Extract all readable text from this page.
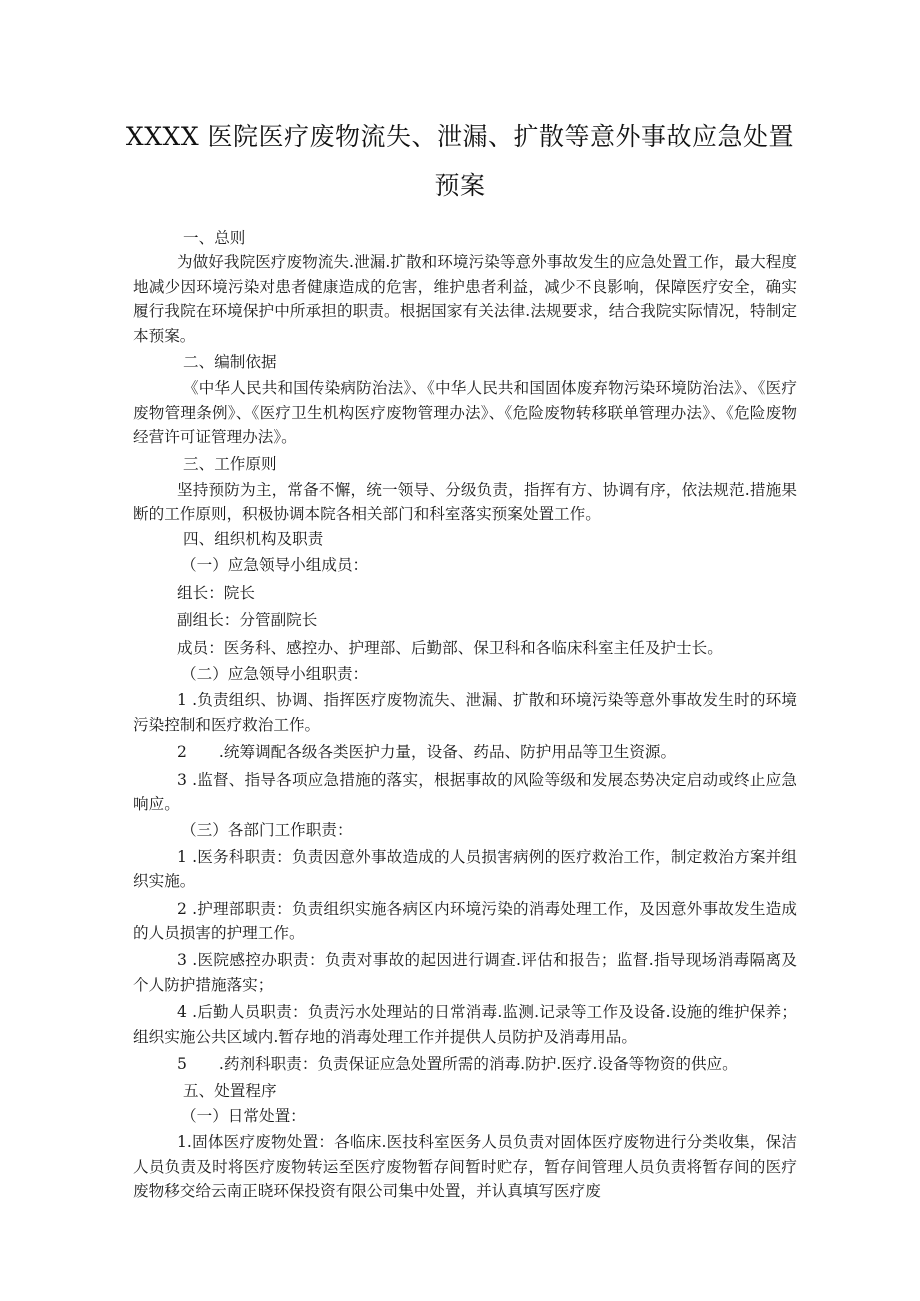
XXXX 医院医疗废物流失、泄漏、扩散等意外事故应急处置
预案

一、总则

为做好我院医疗废物流失.泄漏.扩散和环境污染等意外事故发生的应急处置工作，最大程度地减少因环境污染对患者健康造成的危害，维护患者利益，减少不良影响，保障医疗安全，确实履行我院在环境保护中所承担的职责。根据国家有关法律.法规要求，结合我院实际情况，特制定本预案。

二、编制依据

《中华人民共和国传染病防治法》、《中华人民共和国固体废弃物污染环境防治法》、《医疗废物管理条例》、《医疗卫生机构医疗废物管理办法》、《危险废物转移联单管理办法》、《危险废物经营许可证管理办法》。

三、工作原则

坚持预防为主，常备不懈，统一领导、分级负责，指挥有方、协调有序，依法规范.措施果断的工作原则，积极协调本院各相关部门和科室落实预案处置工作。

四、组织机构及职责

（一）应急领导小组成员：

组长：院长

副组长：分管副院长

成员：医务科、感控办、护理部、后勤部、保卫科和各临床科室主任及护士长。

（二）应急领导小组职责：

1 .负责组织、协调、指挥医疗废物流失、泄漏、扩散和环境污染等意外事故发生时的环境污染控制和医疗救治工作。

2 .统筹调配各级各类医护力量，设备、药品、防护用品等卫生资源。

3 .监督、指导各项应急措施的落实，根据事故的风险等级和发展态势决定启动或终止应急响应。

（三）各部门工作职责：

1 .医务科职责：负责因意外事故造成的人员损害病例的医疗救治工作，制定救治方案并组织实施。

2 .护理部职责：负责组织实施各病区内环境污染的消毒处理工作，及因意外事故发生造成的人员损害的护理工作。

3 .医院感控办职责：负责对事故的起因进行调查.评估和报告；监督.指导现场消毒隔离及个人防护措施落实；

4 .后勤人员职责：负责污水处理站的日常消毒.监测.记录等工作及设备.设施的维护保养；组织实施公共区域内.暂存地的消毒处理工作并提供人员防护及消毒用品。

5 .药剂科职责：负责保证应急处置所需的消毒.防护.医疗.设备等物资的供应。

五、处置程序

（一）日常处置：

1.固体医疗废物处置：各临床.医技科室医务人员负责对固体医疗废物进行分类收集，保洁人员负责及时将医疗废物转运至医疗废物暂存间暂时贮存，暂存间管理人员负责将暂存间的医疗废物移交给云南正晓环保投资有限公司集中处置，并认真填写医疗废
